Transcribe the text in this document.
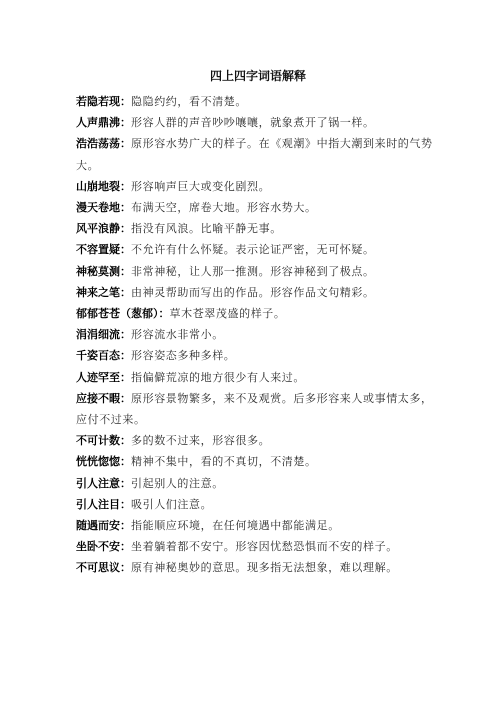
四上四字词语解释

若隐若现：隐隐约约，看不清楚。

人声鼎沸：形容人群的声音吵吵嚷嚷，就象煮开了锅一样。

浩浩荡荡：原形容水势广大的样子。在《观潮》中指大潮到来时的气势大。

山崩地裂：形容响声巨大或变化剧烈。

漫天卷地：布满天空，席卷大地。形容水势大。

风平浪静：指没有风浪。比喻平静无事。

不容置疑：不允许有什么怀疑。表示论证严密，无可怀疑。

神秘莫测：非常神秘，让人那一推测。形容神秘到了极点。

神来之笔：由神灵帮助而写出的作品。形容作品文句精彩。

郁郁苍苍（葱郁）：草木苍翠茂盛的样子。

涓涓细流：形容流水非常小。

千姿百态：形容姿态多种多样。

人迹罕至：指偏僻荒凉的地方很少有人来过。

应接不暇：原形容景物繁多，来不及观赏。后多形容来人或事情太多，应付不过来。

不可计数：多的数不过来，形容很多。

恍恍惚惚：精神不集中，看的不真切，不清楚。

引人注意：引起别人的注意。

引人注目：吸引人们注意。

随遇而安：指能顺应环境，在任何境遇中都能满足。

坐卧不安：坐着躺着都不安宁。形容因忧愁恐惧而不安的样子。

不可思议：原有神秘奥妙的意思。现多指无法想象，难以理解。
